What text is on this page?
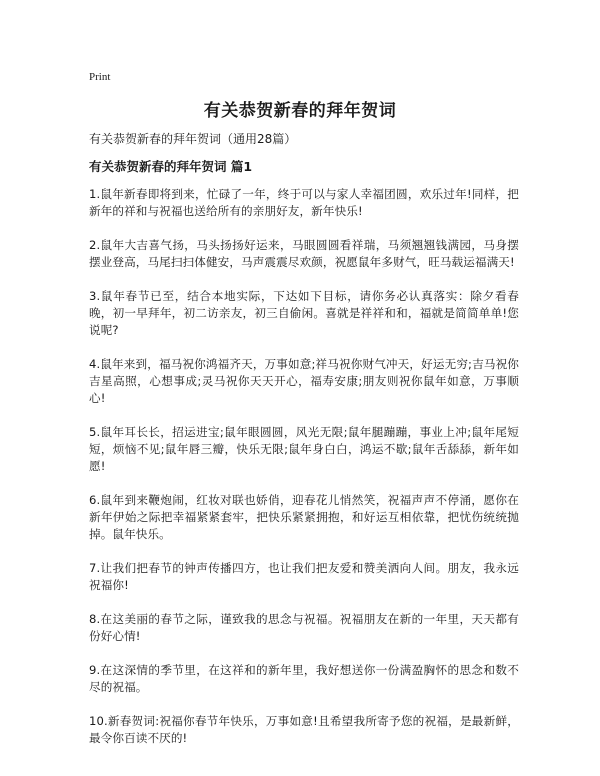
Print
有关恭贺新春的拜年贺词

有关恭贺新春的拜年贺词（通用28篇）

有关恭贺新春的拜年贺词 篇1

1.鼠年新春即将到来，忙碌了一年，终于可以与家人幸福团圆，欢乐过年!同样，把新年的祥和与祝福也送给所有的亲朋好友，新年快乐!

2.鼠年大吉喜气扬，马头扬扬好运来，马眼圆圆看祥瑞，马须翘翘钱满园，马身摆摆业登高，马尾扫扫体健安，马声震震尽欢颜，祝愿鼠年多财气，旺马载运福满天!

3.鼠年春节已至，结合本地实际，下达如下目标，请你务必认真落实：除夕看春晚，初一早拜年，初二访亲友，初三自偷闲。喜就是祥祥和和，福就是简简单单!您说呢?

4.鼠年来到，福马祝你鸿福齐天，万事如意;祥马祝你财气冲天，好运无穷;吉马祝你吉星高照，心想事成;灵马祝你天天开心，福寿安康;朋友则祝你鼠年如意，万事顺心!

5.鼠年耳长长，招运进宝;鼠年眼圆圆，风光无限;鼠年腿蹦蹦，事业上冲;鼠年尾短短，烦恼不见;鼠年唇三瓣，快乐无限;鼠年身白白，鸿运不歇;鼠年舌舔舔，新年如愿!

6.鼠年到来鞭炮闹，红妆对联也娇俏，迎春花儿悄然笑，祝福声声不停涌，愿你在新年伊始之际把幸福紧紧套牢，把快乐紧紧拥抱，和好运互相依靠，把忧伤统统抛掉。鼠年快乐。

7.让我们把春节的钟声传播四方，也让我们把友爱和赞美洒向人间。朋友，我永远祝福你!

8.在这美丽的春节之际，谨致我的思念与祝福。祝福朋友在新的一年里，天天都有份好心情!

9.在这深情的季节里，在这祥和的新年里，我好想送你一份满盈胸怀的思念和数不尽的祝福。

10.新春贺词:祝福你春节年快乐，万事如意!且希望我所寄予您的祝福，是最新鲜，最令你百读不厌的!
